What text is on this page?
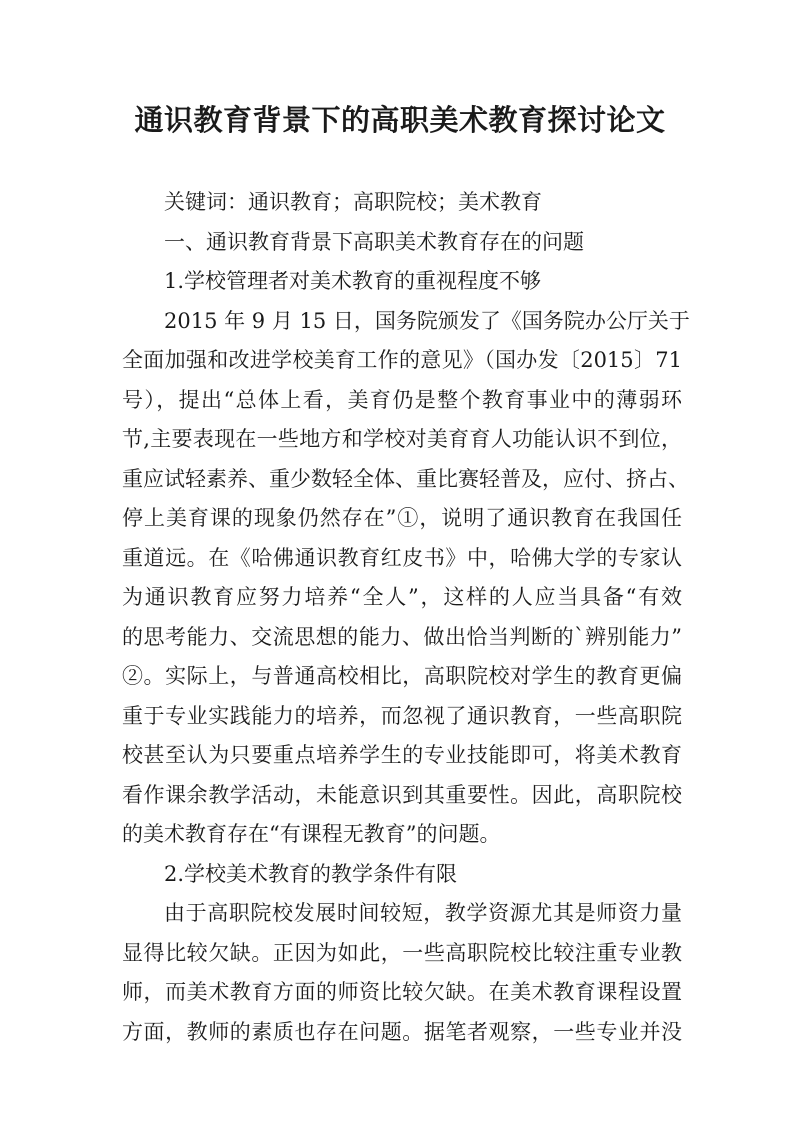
通识教育背景下的高职美术教育探讨论文
关键词：通识教育；高职院校；美术教育
一、通识教育背景下高职美术教育存在的问题
1.学校管理者对美术教育的重视程度不够
2015 年 9 月 15 日，国务院颁发了《国务院办公厅关于
全面加强和改进学校美育工作的意见》（国办发〔2015〕71
号），提出“总体上看，美育仍是整个教育事业中的薄弱环
节,主要表现在一些地方和学校对美育育人功能认识不到位，
重应试轻素养、重少数轻全体、重比赛轻普及，应付、挤占、
停上美育课的现象仍然存在”①，说明了通识教育在我国任
重道远。在《哈佛通识教育红皮书》中，哈佛大学的专家认
为通识教育应努力培养“全人”，这样的人应当具备“有效
的思考能力、交流思想的能力、做出恰当判断的`辨别能力”
②。实际上，与普通高校相比，高职院校对学生的教育更偏
重于专业实践能力的培养，而忽视了通识教育，一些高职院
校甚至认为只要重点培养学生的专业技能即可，将美术教育
看作课余教学活动，未能意识到其重要性。因此，高职院校
的美术教育存在“有课程无教育”的问题。
2.学校美术教育的教学条件有限
由于高职院校发展时间较短，教学资源尤其是师资力量
显得比较欠缺。正因为如此，一些高职院校比较注重专业教
师，而美术教育方面的师资比较欠缺。在美术教育课程设置
方面，教师的素质也存在问题。据笔者观察，一些专业并没
